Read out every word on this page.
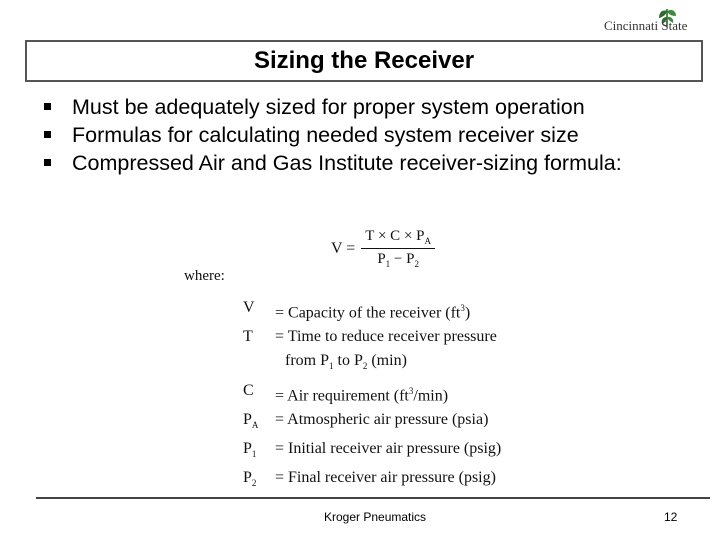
Cincinnati State
Sizing the Receiver
Must be adequately sized for proper system operation
Formulas for calculating needed system receiver size
Compressed Air and Gas Institute receiver-sizing formula:
$V = \frac{T \times C \times P_A}{P_1 - P_2}$
where:
V	= Capacity of the receiver $(ft^3)$
T	= Time to reduce receiver pressure
from $P_1$ to $P_2$ (min)
C	= Air requirement $(ft^3/\min)$
$P_A$	= Atmospheric air pressure (psia)
$P_1$	= Initial receiver air pressure (psig)
$P_2$	= Final receiver air pressure (psig)
Kroger Pneumatics	12
